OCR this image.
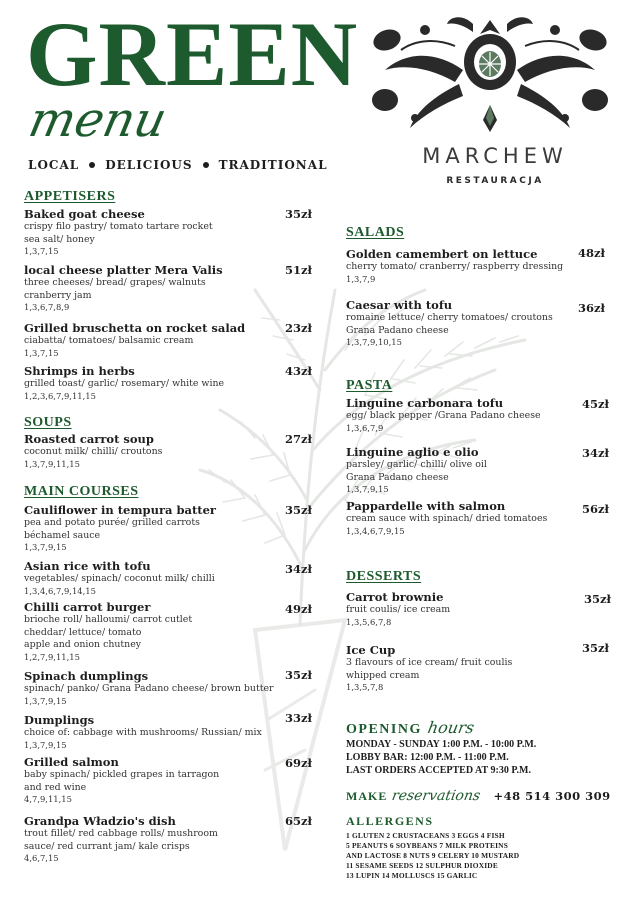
GREEN
menu
LOCAL DELICIOUS TRADITIONAL	MARCHEW
RESTAURACJA
APPETISERS
Baked goat cheese
crispy filo pastry/ tomato tartare rocket
sea salt/ honey
1,3,7,15
35zł
local cheese platter Mera Valis
three cheeses/ bread/ grapes/ walnuts
cranberry jam
1,3,6,7,8,9
51zł
Grilled bruschetta on rocket salad
ciabatta/ tomatoes/ balsamic cream
1,3,7,15
23zł
Shrimps in herbs
grilled toast/ garlic/ rosemary/ white wine
1,2,3,6,7,9,11,15
43zł
SOUPS
Roasted carrot soup
coconut milk/ chilli/ croutons
1,3,7,9,11,15
27zł
MAIN COURSES
Cauliflower in tempura batter
pea and potato purée/ grilled carrots
béchamel sauce
1,3,7,9,15
35zł
Asian rice with tofu
vegetables/ spinach/ coconut milk/ chilli
1,3,4,6,7,9,14,15
34zł
Chilli carrot burger
brioche roll/ halloumi/ carrot cutlet
cheddar/ lettuce/ tomato
apple and onion chutney
1,2,7,9,11,15
49zł
Spinach dumplings
spinach/ panko/ Grana Padano cheese/ brown butter
1,3,7,9,15
35zł
Dumplings
choice of: cabbage with mushrooms/ Russian/ mix
1,3,7,9,15
33zł
Grilled salmon
baby spinach/ pickled grapes in tarragon
and red wine
4,7,9,11,15
69zł
Grandpa Władzio's dish
trout fillet/ red cabbage rolls/ mushroom
sauce/ red currant jam/ kale crisps
4,6,7,15
65zł
SALADS
Golden camembert on lettuce
cherry tomato/ cranberry/ raspberry dressing
1,3,7,9
48zł
Caesar with tofu
romaine lettuce/ cherry tomatoes/ croutons
Grana Padano cheese
1,3,7,9,10,15
36zł
PASTA
Linguine carbonara tofu
egg/ black pepper /Grana Padano cheese
1,3,6,7,9
45zł
Linguine aglio e olio
parsley/ garlic/ chilli/ olive oil
Grana Padano cheese
1,3,7,9,15
34zł
Pappardelle with salmon
cream sauce with spinach/ dried tomatoes
1,3,4,6,7,9,15
56zł
DESSERTS
Carrot brownie
fruit coulis/ ice cream
1,3,5,6,7,8
35zł
Ice Cup
3 flavours of ice cream/ fruit coulis
whipped cream
1,3,5,7,8
35zł
OPENING hours
MONDAY - SUNDAY 1:00 P.M. - 10:00 P.M.
LOBBY BAR: 12:00 P.M. - 11:00 P.M.
LAST ORDERS ACCEPTED AT 9:30 P.M.
MAKE reservations +48 514 300 309
ALLERGENS
1 GLUTEN 2 CRUSTACEANS 3 EGGS 4 FISH
5 PEANUTS 6 SOYBEANS 7 MILK PROTEINS
AND LACTOSE 8 NUTS 9 CELERY 10 MUSTARD
11 SESAME SEEDS 12 SULPHUR DIOXIDE
13 LUPIN 14 MOLLUSCS 15 GARLIC
